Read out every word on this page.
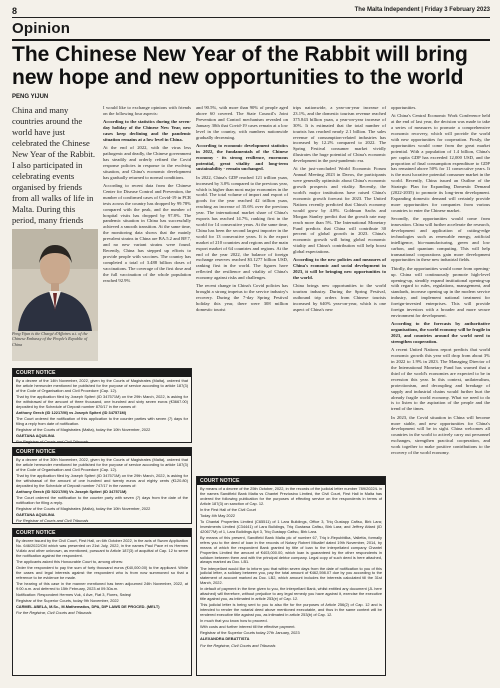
8	The Malta Independent | Friday 3 February 2023
Opinion
The Chinese New Year of the Rabbit will bring new hope and new opportunities to the world
PENG YIJUN

China and many countries around the world have just celebrated the Chinese New Year of the Rabbit. I also participated in celebrating events organised by friends from all walks of life in Malta. During this period, many friends

Peng Yijun is the Chargé d'Affaires a.i. of the Chinese Embassy of the People's Republic of China

I would like to exchange opinions with friends on the following four aspects:

According to the statistics during the seven-day holiday of the Chinese New Year, new cases keep declining and the pandemic situation remains at a low level in China.

At the end of 2022, with the virus less pathogenic and deadly, the Chinese government has steadily and orderly refined the Covid response policies in response to the evolving situation, and China's economic development has gradually returned to normal conditions.

According to recent data from the Chinese Center for Disease Control and Prevention, the number of confirmed cases of Covid-19 in PCR tests across the country has dropped by 99.78% compared with the peak, and the number of hospital visits has dropped by 97.8%. The pandemic situation in China has successfully achieved a smooth transition. At the same time, the monitoring data shows that the mainly prevalent strains in China are BA.5.2 and BF.7, and no new variant strains were found. Recently, China has stepped up efforts to provide people with vaccines. The country has completed a total of 3.488 billion doses of vaccinations. The coverage of the first dose and the full vaccination of the whole population reached 92.9%

and 90.5%, with more than 90% of people aged above 60 covered. The State Council's Joint Prevention and Control mechanism revealed on January 30th that Covid-19 cases remain at a low level in the country, with numbers nationwide gradually decreasing.

According to economic development statistics in 2022, the fundamentals of the Chinese economy - its strong resilience, enormous potential, great vitality and long-term sustainability - remain unchanged.

In 2022, China's GDP reached 121 trillion yuan, increased by 3.0% compared to the previous year, which is higher than most major economies in the world. The total volume of import and export of goods for the year reached 42 trillion yuan, reaching an increase of 35.6% over the previous year. The international market share of China's exports has reached 14.7%, ranking first in the world for 14 consecutive years. At the same time, China has been the second largest importer in the world for 13 consecutive years. It is the export market of 210 countries and regions and the main export market of 64 countries and regions. At the end of the year 2022, the balance of foreign exchange reserves reached $3.1277 billion USD, ranking first in the world. The figures have reflected the resilience and vitality of China's economy against risks and challenges.

The recent change in China's Covid policies has brought a strong impetus to the service industry's recovery. During the 7-day Spring Festival holiday this year, there were 308 million domestic tourist

trips nationwide, a year-on-year increase of 23.1%, and the domestic tourism revenue reached 375.843 billion yuan, a year-on-year increase of 30%. It is estimated that the total number of tourists has reached nearly 2.1 billion. The sales revenue of consumption-related industries has increased by 12.2% compared to 2022. The Spring Festival consumer market vividly illustrates the huge potential of China's economic development in the post-pandemic era.

At the just-concluded World Economic Forum Annual Meeting 2023 in Davos, the participants were generally optimistic about China's economic growth prospects and vitality. Recently, the world's major institutions have raised China's economic growth forecast for 2023. The United Nations recently predicted that China's economy would grow by 4.8%. Goldman Sachs and Morgan Stanley predict that the growth rate may reach more than 5%. The International Monetary Fund predicts that China will contribute 30 percent of global growth in 2023. China's economic growth will bring global economic vitality and China's contribution will help boost global expectations.

According to the new policies and measures of China's economic and social development in 2023, it will be bringing new opportunities to the world.

China brings new opportunities to the world tourism industry. During the Spring Festival, outbound trip orders from Chinese tourists increased by 640% year-on-year, which is one aspect of China's new

opportunities.

At China's Central Economic Work Conference held at the end of last year, the decision was made to take a series of measures to promote a comprehensive economic recovery, which will provide the world with new opportunities for cooperation. Firstly, the opportunities would come from the great market potential. With a population of 1.4 billion, China's per capita GDP has exceeded 12,000 USD, and the proportion of final consumption expenditure to GDP has remained above 50% for 11 consecutive years. It is the most lucrative potential consumer market in the world. Recently, China issued an Outline of the Strategic Plan for Expanding Domestic Demand (2022-2035) to promote its long-term development. Expanding domestic demand will certainly provide more opportunities for companies from various countries to enter the Chinese market.

Secondly, the opportunities would come from innovation. China will further accelerate the research, development and application of cutting-edge technologies such as renewable energy, artificial intelligence, bio-manufacturing, green and low carbon, and quantum computing. This will help transnational corporations gain more development opportunities in these new industrial fields.

Thirdly, the opportunities would come from opening-up. China will continuously promote high-level opening-up, steadily expand institutional opening-up with regard to rules, regulations, management, and standards, increase opening up in the modern service industry, and implement national treatment for foreign-invested enterprises. This will provide foreign investors with a broader and more secure environment for development.

According to the forecasts by authoritative organisations, the world economy will be fragile in 2023, and countries around the world need to strengthen cooperation.

A recent United Nations report predicts that world economic growth this year will drop from about 3% in 2022 to 1.9% in 2023. The Managing Director of the International Monetary Fund has warned that a third of the world's economies are expected to be in recession this year. In this context, unilateralism, protectionism, and decoupling and breakage of supply and industrial chains would further hurt the already fragile world economy. What we need to do is to listen to the aspiration of the people and the trend of the times.

In 2023, the Covid situation in China will become more stable, and new opportunities for China's development will be in sight. China welcomes all countries in the world to actively carry out personnel exchanges, strengthen practical cooperation, and work together to make positive contributions to the recovery of the world economy.

COURT NOTICE

By a decree of the 14th November, 2022, given by the Courts of Magistrates (Malta), ordered that the article hereunder mentioned be published for the purpose of service according to article 187(3) of the Code of Organisation and Civil Procedure (Cap. 12).

That by the application filed by Joseph Spiteri (ID 347571M) on the 29th March, 2022, is asking for the withdrawal of the amount of three thousand, one hundred and sixty seven euros (€3667.00) deposited by the Schedule of Deposit number 870/17 in the names of:

Anthony Grech (ID 12217/M) vs Joseph Spiteri (ID 347571M)

The Court ordered the notification of this application to the counter parties with seven (7) days for filing a reply from date of notification.

Registrar of the Courts of Magistrates (Malta), today the 10th November, 2022

GAETANA AQUILINA

For Registrar of Courts and Civil Tribunals

COURT NOTICE

By a decree of the 30th November, 2022, given by the Courts of Magistrates (Malta), ordered that the article hereunder mentioned be published for the purpose of service according to article 187(3) of the Code of Organisation and Civil Procedure (Cap. 12).

That by the application filed by Joseph Spiteri (ID 347571M) on the 29th March, 2022, is asking for the withdrawal of the amount of one hundred and twenty euros and eighty cents (€120.80) deposited by the Schedule of Deposit number 747/17 in the names of:

Anthony Grech (ID 52217/M) Vs Joseph Spiteri (ID 347571M)

The Court ordered the notification to the counter party with seven (7) days from the date of the notification for filing a reply.

Registrar of the Courts of Magistrates (Malta), today the 10th November, 2022

GAETANA AQUILINA

For Registrar of Courts and Civil Tribunals

COURT NOTICE

By decree issued by the Civil Court, First Hall, on 6th October 2022, in the acts of Sworn Application No. 646/2022/CM which was presented on 21st July, 2022, in the names Paul Pace et vs Hermes Vulizic and other unknown, as mentioned, pursuant to Article 187(3) of acquittal of Cap. 12 to serve the notification against the respondent.

The applicants asked this Honourable Court to, among others:

Order the respondent to pay the sum of forty thousand euros (€40,000.00) to the applicant. While the cases and legal interests against the respondent who is from now summoned so that a reference to be evidence be made.

The hearing of this case in the manner mentioned has been adjourned 24th November, 2022, at 9:00 a.m. and deferred to 15th February, 2023 at 09:30a.m.

Notification: Respondent Hermes Vuk, 4 Ave, Flat 3, Flores, Swieqi

Registrar of the Superior Courts, today 9th November, 2022

CARMEL ABELA, M.Sc., M.Mathematics, DPA, DIP LAWS DE PROCED. (MELT)

For the Registrar, Civil Courts and Tribunals

COURT NOTICE

By means of a decree of the 25th October, 2022, in the records of the judicial letter number 789/2022/L in the names Sandfield Bank Malta vs Chantel Preziosino Limited, the Civil Court, First Hall in Malta has ordered the following publication for the purposes of effecting service on the respondents in terms of Article 187(3) on sanction of Cap. 12.

In the First Hall of the Civil Court

Today 4th May 2022

To Chantal Properties Limited (C65511) of 1 Lara Buildings, Office 3, Triq Gustapp Cafisu, Birk Lara; Investments Limited (C34441) of Lara Buildings, Triq Gustawa Cafisu, Birk Lara; and Jeffrey Attard (ID 420677M) of 1, Lara Buildings Apt 3, Triq Gustapp Cafisu, Birk Lara.

By means of this present, Sandfield Bank Malta plc of number 67, Triq ir-Repubblika, Valletta, formally refers you to the deed of loan in the records of Notary Robert Micallef dated 19th November, 2014, by means of which the respondent Bank granted by title of loan to the interpellated company Chantel Properties Limited the amount of €403,000.00, which loan is guaranteed by the other respondents in solidum between them and with the principal debtor company. Legal copy of such deed is here attached, always marked as Doc. LB1.

The interpellant would like to inform you that within seven days from the date of notification to you of this judicial letter, a solidary between you, pay the total amount of €462,598.07 due by you according to the statement of account marked as Doc. LB2, which amount includes the interests calculated till the 31st March, 2022.

In default of payment in the time given to you, the interpellant Bank, whilst entitled any document (JL here attached) will therefore, without prejudice to any legal remedy you have against it, exercise the executive title against you, as intimated in article 253(e) of Cap. 12.

This judicial letter is being sent to you to also file for the purposes of Article 256(2) of Cap. 12 and is intended to render the notarial deed above mentioned executable, and thus in the same context will be rendered executive title against you, as intimated in article 253(b) of Cap. 12.

In much that you know how to proceed.

With costs and further interest till the effective payment.

Registrar of the Superior Courts today 27th January, 2023

ALEXANDRA DEBATTISTA

For the Registrar, Civil Courts and Tribunals
